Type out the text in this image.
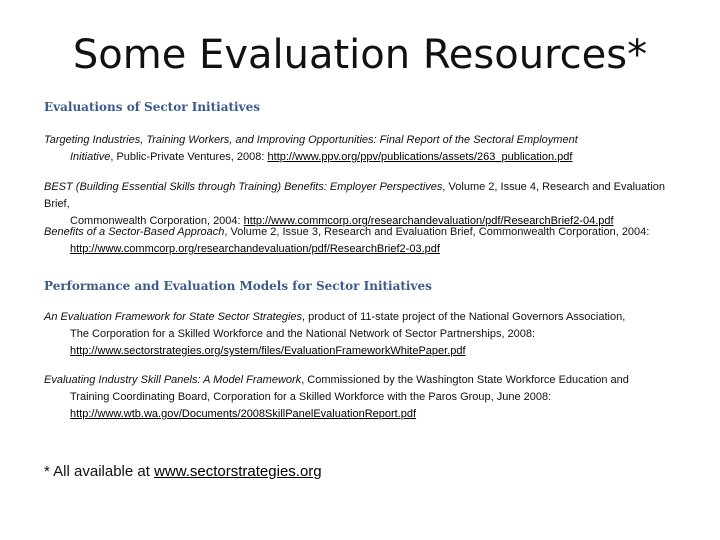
Some Evaluation Resources*
Evaluations of Sector Initiatives
Targeting Industries, Training Workers, and Improving Opportunities: Final Report of the Sectoral Employment
Initiative, Public-Private Ventures, 2008: http://www.ppv.org/ppv/publications/assets/263_publication.pdf
BEST (Building Essential Skills through Training) Benefits: Employer Perspectives, Volume 2, Issue 4, Research and Evaluation Brief,
Commonwealth Corporation, 2004: http://www.commcorp.org/researchandevaluation/pdf/ResearchBrief2-04.pdf
Benefits of a Sector-Based Approach, Volume 2, Issue 3, Research and Evaluation Brief, Commonwealth Corporation, 2004:
http://www.commcorp.org/researchandevaluation/pdf/ResearchBrief2-03.pdf
Performance and Evaluation Models for Sector Initiatives
An Evaluation Framework for State Sector Strategies, product of 11-state project of the National Governors Association,
The Corporation for a Skilled Workforce and the National Network of Sector Partnerships, 2008:
http://www.sectorstrategies.org/system/files/EvaluationFrameworkWhitePaper.pdf
Evaluating Industry Skill Panels: A Model Framework, Commissioned by the Washington State Workforce Education and
Training Coordinating Board, Corporation for a Skilled Workforce with the Paros Group, June 2008:
http://www.wtb.wa.gov/Documents/2008SkillPanelEvaluationReport.pdf
* All available at www.sectorstrategies.org
